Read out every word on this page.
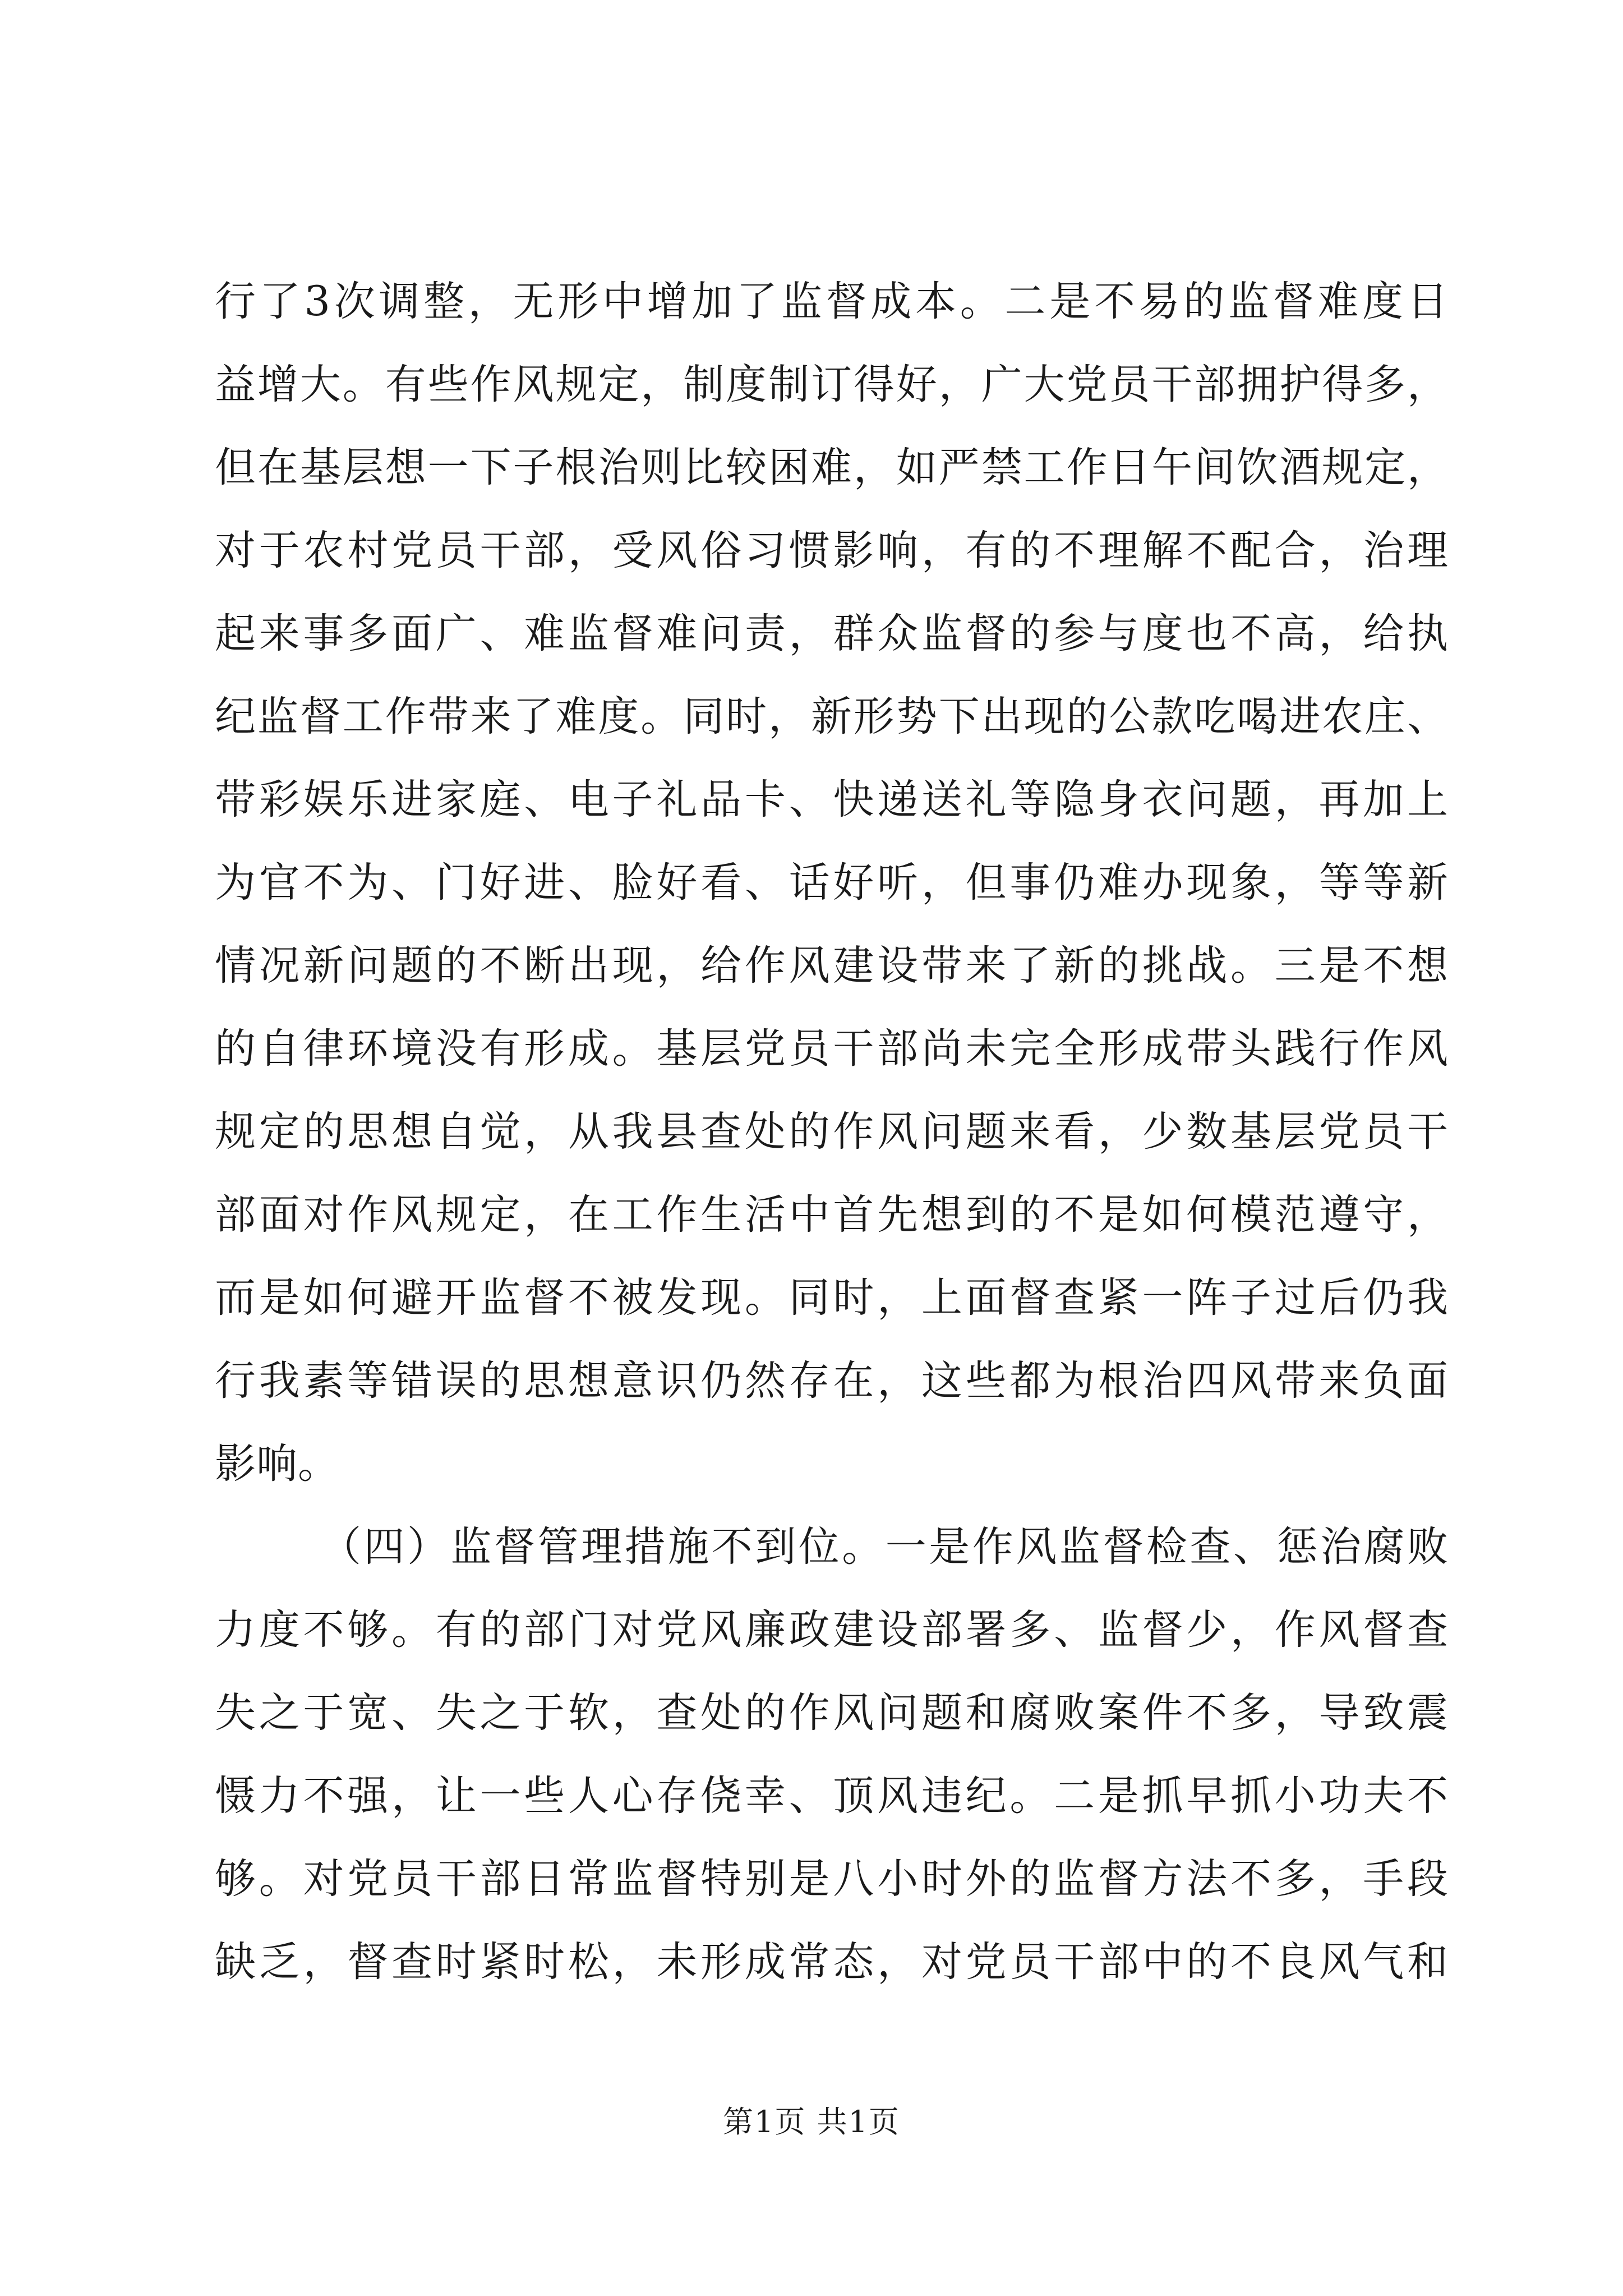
行了3次调整，无形中增加了监督成本。二是不易的监督难度日
益增大。有些作风规定，制度制订得好，广大党员干部拥护得多，
但在基层想一下子根治则比较困难，如严禁工作日午间饮酒规定，
对于农村党员干部，受风俗习惯影响，有的不理解不配合，治理
起来事多面广、难监督难问责，群众监督的参与度也不高，给执
纪监督工作带来了难度。同时，新形势下出现的公款吃喝进农庄、
带彩娱乐进家庭、电子礼品卡、快递送礼等隐身衣问题，再加上
为官不为、门好进、脸好看、话好听，但事仍难办现象，等等新
情况新问题的不断出现，给作风建设带来了新的挑战。三是不想
的自律环境没有形成。基层党员干部尚未完全形成带头践行作风
规定的思想自觉，从我县查处的作风问题来看，少数基层党员干
部面对作风规定，在工作生活中首先想到的不是如何模范遵守，
而是如何避开监督不被发现。同时，上面督查紧一阵子过后仍我
行我素等错误的思想意识仍然存在，这些都为根治四风带来负面
影响。
（四）监督管理措施不到位。一是作风监督检查、惩治腐败
力度不够。有的部门对党风廉政建设部署多、监督少，作风督查
失之于宽、失之于软，查处的作风问题和腐败案件不多，导致震
慑力不强，让一些人心存侥幸、顶风违纪。二是抓早抓小功夫不
够。对党员干部日常监督特别是八小时外的监督方法不多，手段
缺乏，督查时紧时松，未形成常态，对党员干部中的不良风气和
第1页 共1页
